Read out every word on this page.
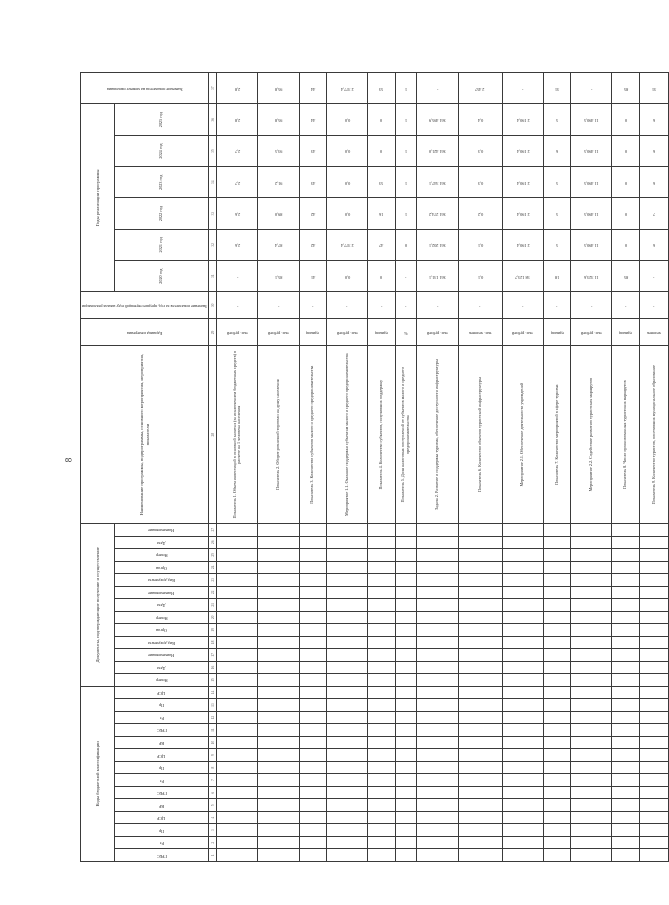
8
Коды бюджетной классификации														Документы, подтверждающие получение и осуществление													Наименование программы, подпрограммы, основного мероприятия, мероприятия, показатели	Единица измерения	Значение показателя за год, предшествующий году начала реализации	Годы реализации программы						Значение показателя на момент окончания

ГРБС	Рз	Пр	ЦСР	ВР	ГРБС	Рз	Пр	ЦСР	ВР	ГРБС	Рз	Пр	ЦСР	Номер	Дата	Наименование	Вид документа	Орган	Номер	Дата	Наименование	Вид документа	Орган	Номер	Дата	Наименование				2020 год	2021 год	2022 год	2023 год	2024 год	2025 год	
1	2	3	4	5	6	7	8	9	10	11	12	13	14	15	16	17	18	19	20	21	22	23	24	25	26	27	28	29	30	31	32	33	34	35	36	37
																											Показатель 1. Объем инвестиций в основной капитал (за исключением бюджетных средств) в расчете на 1 человека населения	тыс. рублей	-	-	2,6	2,6	2,7	2,7	2,8	2,8

																											Показатель 2. Оборот розничной торговли на душу населения	тыс. рублей	-	85,1	87,4	89,0	91,2	93,5	95,8	95,8

																											Показатель 3. Количество субъектов малого и среднего предпринимательства	единиц	-	41	42	42	43	43	44	44

																											Мероприятие 1.1. Оказание поддержки субъектам малого и среднего предпринимательства	тыс. рублей	-	0,0	2 377,4	0,0	0,0	0,0	0,0	2 377,4

																											Показатель 4. Количество субъектов, получивших поддержку	единиц	-	0	47	16	53	0	0	53

																											Показатель 5. Доля налоговых поступлений от субъектов малого и среднего предпринимательства	%	-	-	0	1	1	1	1	1

																											Задача 2. Развитие и поддержка туризма, обеспечение доступности инфраструктуры	тыс. рублей	-	361 131,1	361 202,1	361 274,2	361 347,1	361 421,0	361 495,9	-

																											Показатель 6. Количество объектов туристской инфраструктуры	тыс. человек	-	0,1	0,1	0,2	0,3	0,3	0,4	2 457

																											Мероприятие 2.1. Обеспечение деятельности учреждений	тыс. рублей	-	58 123,7	2 190,4	2 190,4	2 190,4	2 190,4	2 190,4	-

																											Показатель 7. Количество мероприятий в сфере туризма	единиц	-	18	5	5	5	6	5	31

																											Мероприятие 2.2. Содействие развитию туристских маршрутов	тыс. рублей	-	11 323,6	11 490,5	11 490,5	11 490,5	11 490,5	11 490,5	-

																											Показатель 8. Число организованных туристских маршрутов	единиц	-	85	0	0	0	0	0	85

																											Показатель 9. Количество туристов, посетивших муниципальное образование	человек	-	-	6	7	6	6	6	31
